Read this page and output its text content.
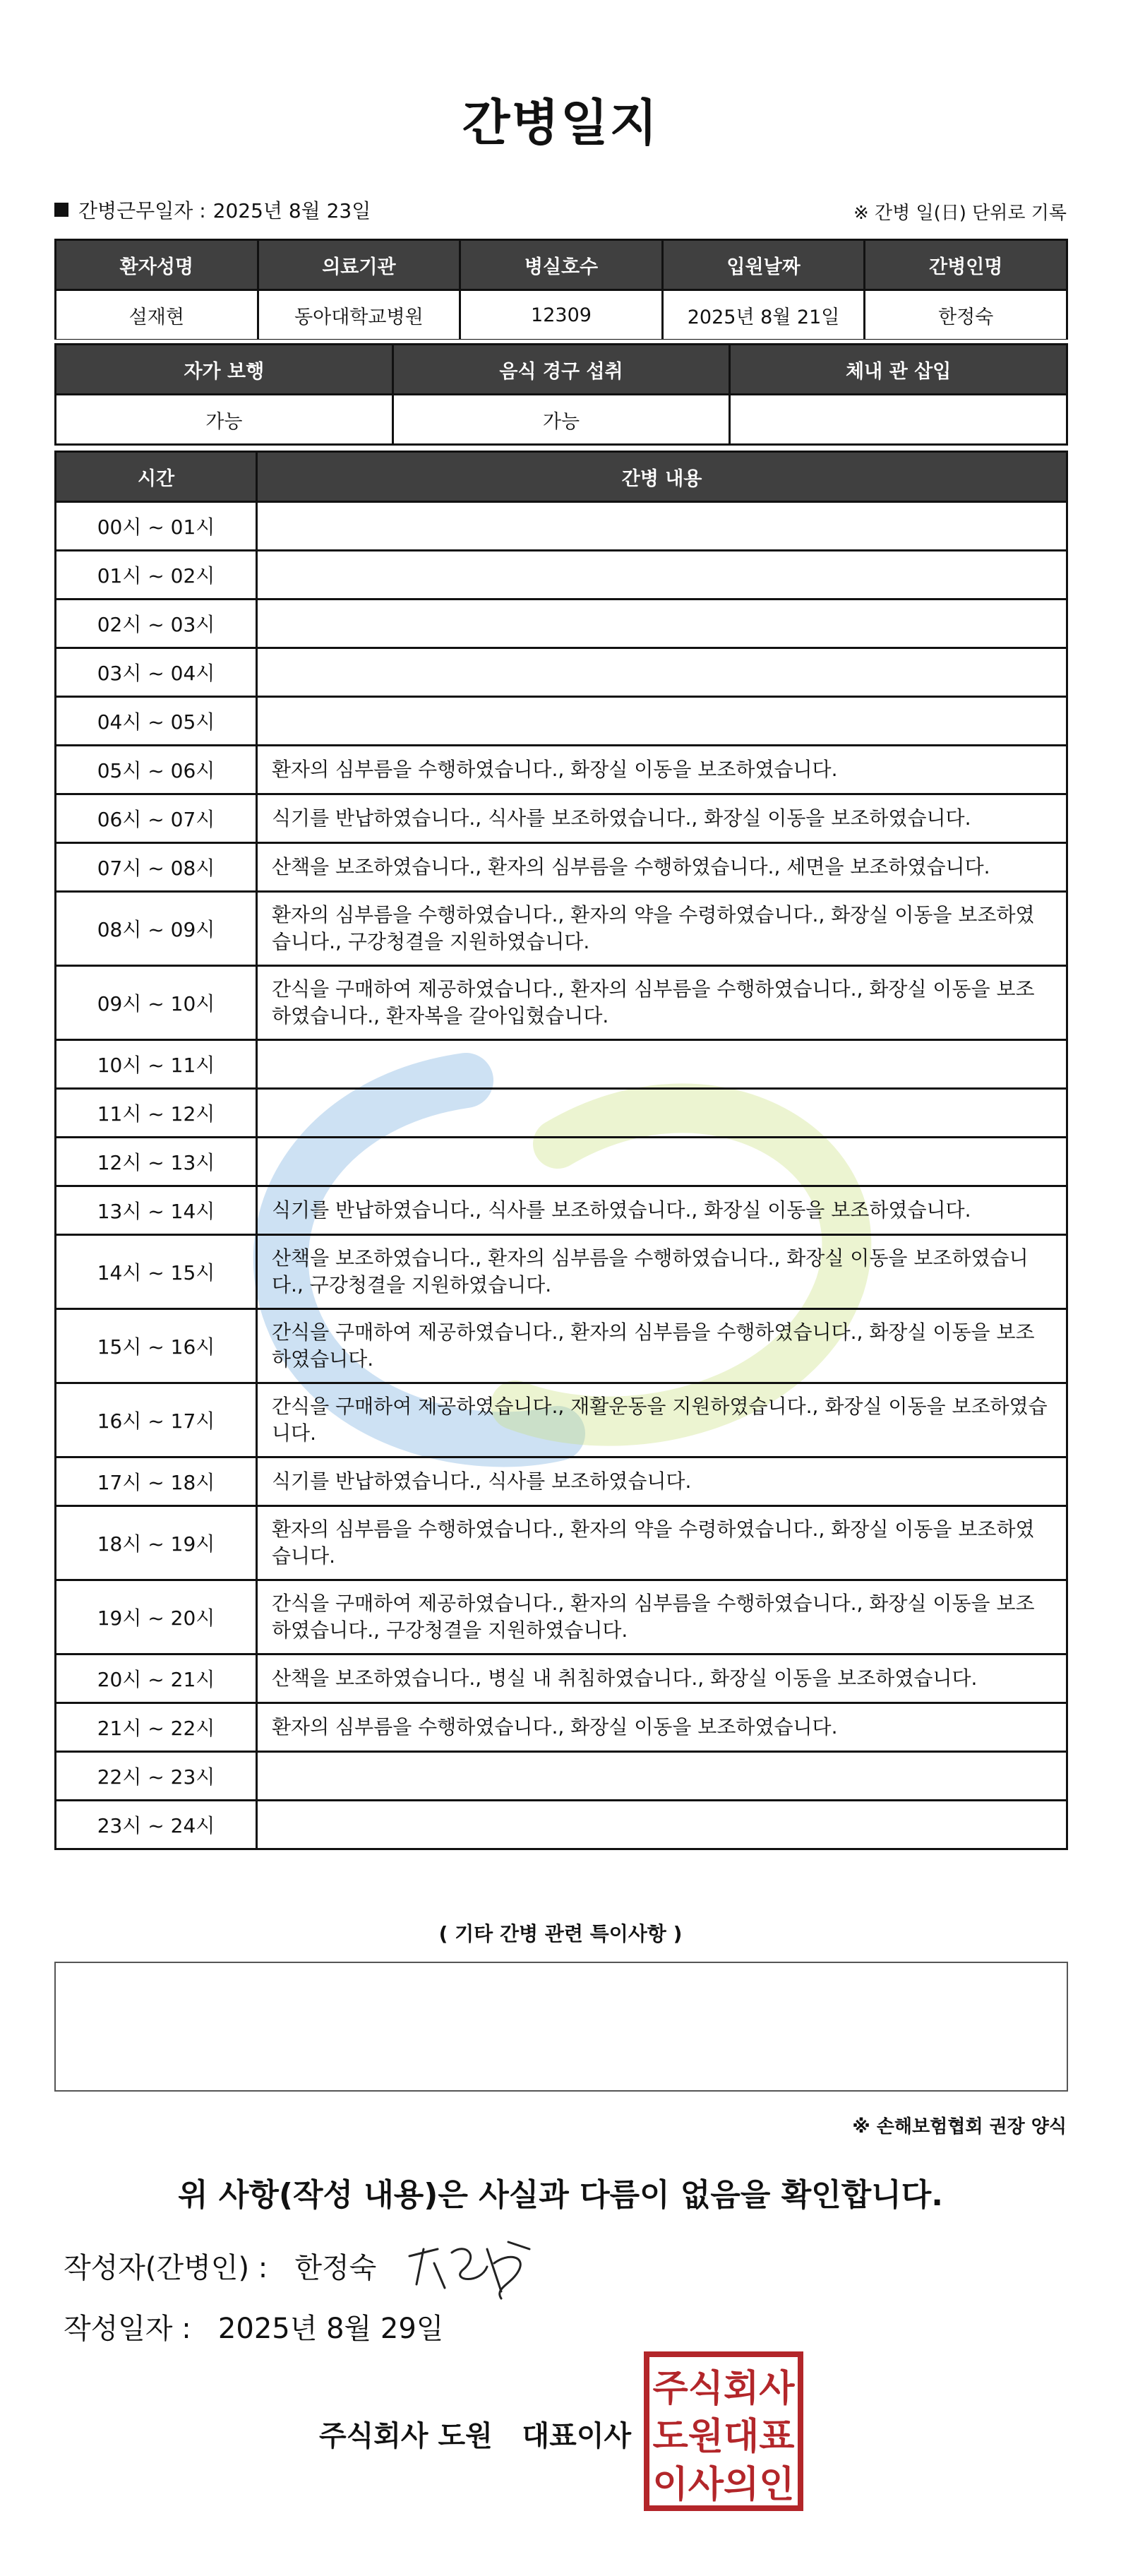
간병일지
간병근무일자 : 2025년 8월 23일	※ 간병 일(日) 단위로 기록
환자성명	의료기관	병실호수	입원날짜	간병인명
설재현	동아대학교병원	12309	2025년 8월 21일	한정숙
자가 보행	음식 경구 섭취	체내 관 삽입
가능	가능	
시간	간병 내용
00시 ~ 01시	
01시 ~ 02시	
02시 ~ 03시	
03시 ~ 04시	
04시 ~ 05시	
05시 ~ 06시	환자의 심부름을 수행하였습니다., 화장실 이동을 보조하였습니다.
06시 ~ 07시	식기를 반납하였습니다., 식사를 보조하였습니다., 화장실 이동을 보조하였습니다.
07시 ~ 08시	산책을 보조하였습니다., 환자의 심부름을 수행하였습니다., 세면을 보조하였습니다.
08시 ~ 09시	환자의 심부름을 수행하였습니다., 환자의 약을 수령하였습니다., 화장실 이동을 보조하였습니다., 구강청결을 지원하였습니다.
09시 ~ 10시	간식을 구매하여 제공하였습니다., 환자의 심부름을 수행하였습니다., 화장실 이동을 보조하였습니다., 환자복을 갈아입혔습니다.
10시 ~ 11시	
11시 ~ 12시	
12시 ~ 13시	
13시 ~ 14시	식기를 반납하였습니다., 식사를 보조하였습니다., 화장실 이동을 보조하였습니다.
14시 ~ 15시	산책을 보조하였습니다., 환자의 심부름을 수행하였습니다., 화장실 이동을 보조하였습니다., 구강청결을 지원하였습니다.
15시 ~ 16시	간식을 구매하여 제공하였습니다., 환자의 심부름을 수행하였습니다., 화장실 이동을 보조하였습니다.
16시 ~ 17시	간식을 구매하여 제공하였습니다., 재활운동을 지원하였습니다., 화장실 이동을 보조하였습니다.
17시 ~ 18시	식기를 반납하였습니다., 식사를 보조하였습니다.
18시 ~ 19시	환자의 심부름을 수행하였습니다., 환자의 약을 수령하였습니다., 화장실 이동을 보조하였습니다.
19시 ~ 20시	간식을 구매하여 제공하였습니다., 환자의 심부름을 수행하였습니다., 화장실 이동을 보조하였습니다., 구강청결을 지원하였습니다.
20시 ~ 21시	산책을 보조하였습니다., 병실 내 취침하였습니다., 화장실 이동을 보조하였습니다.
21시 ~ 22시	환자의 심부름을 수행하였습니다., 화장실 이동을 보조하였습니다.
22시 ~ 23시	
23시 ~ 24시	
( 기타 간병 관련 특이사항 )
※ 손해보험협회 권장 양식
위 사항(작성 내용)은 사실과 다름이 없음을 확인합니다.
작성자(간병인) : 한정숙
작성일자 : 2025년 8월 29일
주식회사 도원 대표이사
주식회사
도원대표
이사의인
